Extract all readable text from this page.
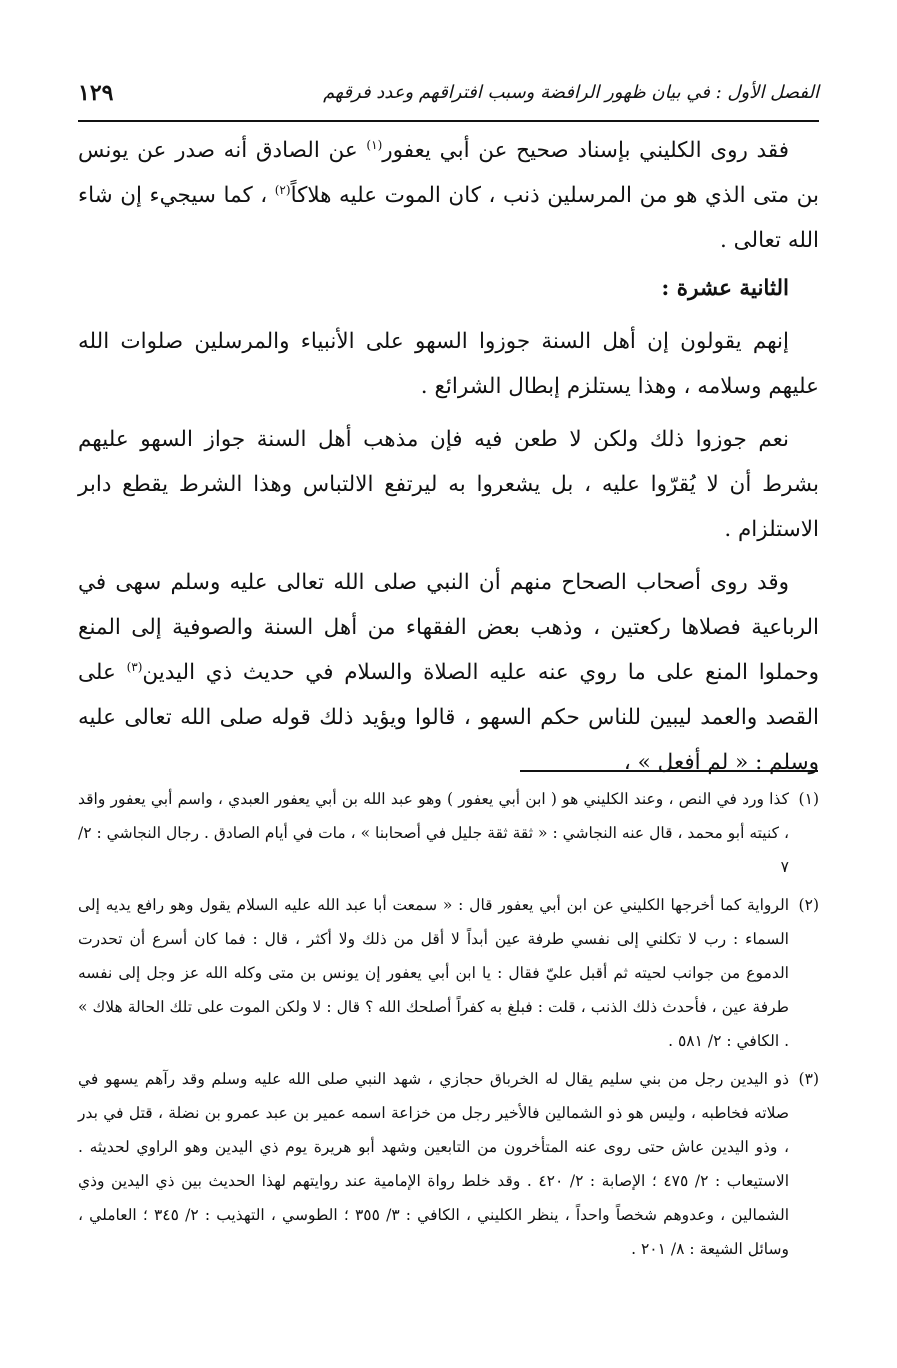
الفصل الأول : في بيان ظهور الرافضة وسبب افتراقهم وعدد فرقهم
١٢٩

فقد روى الكليني بإسناد صحيح عن أبي يعفور$^{(١)}$ عن الصادق أنه صدر عن يونس بن متى الذي هو من المرسلين ذنب ، كان الموت عليه هلاكاً$^{(٢)}$ ، كما سيجيء إن شاء الله تعالى .

الثانية عشرة :

إنهم يقولون إن أهل السنة جوزوا السهو على الأنبياء والمرسلين صلوات الله عليهم وسلامه ، وهذا يستلزم إبطال الشرائع .

نعم جوزوا ذلك ولكن لا طعن فيه فإن مذهب أهل السنة جواز السهو عليهم بشرط أن لا يُقرّوا عليه ، بل يشعروا به ليرتفع الالتباس وهذا الشرط يقطع دابر الاستلزام .

وقد روى أصحاب الصحاح منهم أن النبي صلى الله تعالى عليه وسلم سهى في الرباعية فصلاها ركعتين ، وذهب بعض الفقهاء من أهل السنة والصوفية إلى المنع وحملوا المنع على ما روي عنه عليه الصلاة والسلام في حديث ذي اليدين$^{(٣)}$ على القصد والعمد ليبين للناس حكم السهو ، قالوا ويؤيد ذلك قوله صلى الله تعالى عليه وسلم : « لم أفعل » ،

(١)
كذا ورد في النص ، وعند الكليني هو ( ابن أبي يعفور ) وهو عبد الله بن أبي يعفور العبدي ، واسم أبي يعفور واقد ، كنيته أبو محمد ، قال عنه النجاشي : « ثقة ثقة جليل في أصحابنا » ، مات في أيام الصادق . رجال النجاشي : ٢/ ٧

(٢)
الرواية كما أخرجها الكليني عن ابن أبي يعفور قال : « سمعت أبا عبد الله عليه السلام يقول وهو رافع يديه إلى السماء : رب لا تكلني إلى نفسي طرفة عين أبداً لا أقل من ذلك ولا أكثر ، قال : فما كان أسرع أن تحدرت الدموع من جوانب لحيته ثم أقبل عليّ فقال : يا ابن أبي يعفور إن يونس بن متى وكله الله عز وجل إلى نفسه طرفة عين ، فأحدث ذلك الذنب ، قلت : فبلغ به كفراً أصلحك الله ؟ قال : لا ولكن الموت على تلك الحالة هلاك » . الكافي : ٢/ ٥٨١ .

(٣)
ذو اليدين رجل من بني سليم يقال له الخرباق حجازي ، شهد النبي صلى الله عليه وسلم وقد رآهم يسهو في صلاته فخاطبه ، وليس هو ذو الشمالين فالأخير رجل من خزاعة اسمه عمير بن عبد عمرو بن نضلة ، قتل في بدر ، وذو اليدين عاش حتى روى عنه المتأخرون من التابعين وشهد أبو هريرة يوم ذي اليدين وهو الراوي لحديثه . الاستيعاب : ٢/ ٤٧٥ ؛ الإصابة : ٢/ ٤٢٠ . وقد خلط رواة الإمامية عند روايتهم لهذا الحديث بين ذي اليدين وذي الشمالين ، وعدوهم شخصاً واحداً ، ينظر الكليني ، الكافي : ٣/ ٣٥٥ ؛ الطوسي ، التهذيب : ٢/ ٣٤٥ ؛ العاملي ، وسائل الشيعة : ٨/ ٢٠١ .
